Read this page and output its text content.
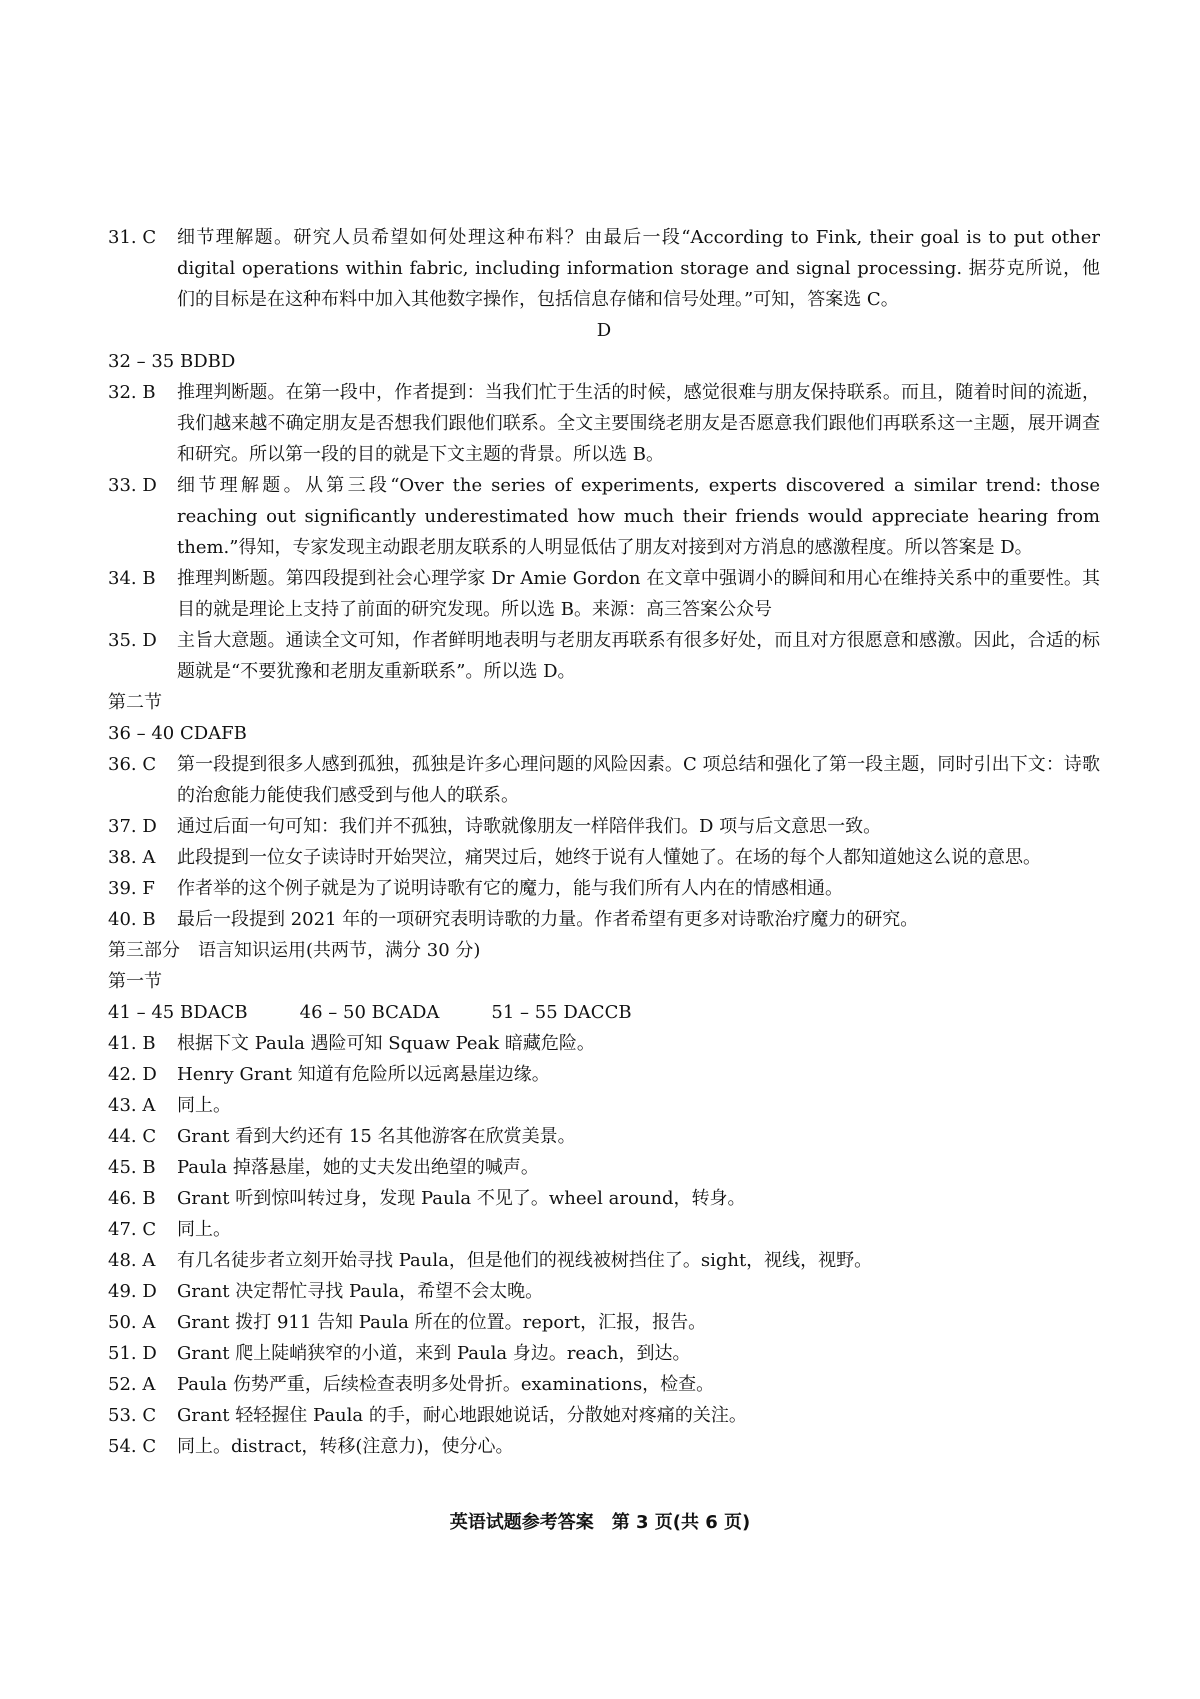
31. C	细节理解题。研究人员希望如何处理这种布料？由最后一段“According to Fink, their goal is to put other digital operations within fabric, including information storage and signal processing. 据芬克所说，他们的目标是在这种布料中加入其他数字操作，包括信息存储和信号处理。”可知，答案选 C。
D
32 – 35 BDBD
32. B	推理判断题。在第一段中，作者提到：当我们忙于生活的时候，感觉很难与朋友保持联系。而且，随着时间的流逝，我们越来越不确定朋友是否想我们跟他们联系。全文主要围绕老朋友是否愿意我们跟他们再联系这一主题，展开调查和研究。所以第一段的目的就是下文主题的背景。所以选 B。
33. D	细节理解题。从第三段“Over the series of experiments, experts discovered a similar trend: those reaching out significantly underestimated how much their friends would appreciate hearing from them.”得知，专家发现主动跟老朋友联系的人明显低估了朋友对接到对方消息的感激程度。所以答案是 D。
34. B	推理判断题。第四段提到社会心理学家 Dr Amie Gordon 在文章中强调小的瞬间和用心在维持关系中的重要性。其目的就是理论上支持了前面的研究发现。所以选 B。来源：高三答案公众号
35. D	主旨大意题。通读全文可知，作者鲜明地表明与老朋友再联系有很多好处，而且对方很愿意和感激。因此，合适的标题就是“不要犹豫和老朋友重新联系”。所以选 D。
第二节
36 – 40 CDAFB
36. C	第一段提到很多人感到孤独，孤独是许多心理问题的风险因素。C 项总结和强化了第一段主题，同时引出下文：诗歌的治愈能力能使我们感受到与他人的联系。
37. D	通过后面一句可知：我们并不孤独，诗歌就像朋友一样陪伴我们。D 项与后文意思一致。
38. A	此段提到一位女子读诗时开始哭泣，痛哭过后，她终于说有人懂她了。在场的每个人都知道她这么说的意思。
39. F	作者举的这个例子就是为了说明诗歌有它的魔力，能与我们所有人内在的情感相通。
40. B	最后一段提到 2021 年的一项研究表明诗歌的力量。作者希望有更多对诗歌治疗魔力的研究。
第三部分　语言知识运用(共两节，满分 30 分)
第一节
41 – 45 BDACB	46 – 50 BCADA	51 – 55 DACCB
41. B	根据下文 Paula 遇险可知 Squaw Peak 暗藏危险。
42. D	Henry Grant 知道有危险所以远离悬崖边缘。
43. A	同上。
44. C	Grant 看到大约还有 15 名其他游客在欣赏美景。
45. B	Paula 掉落悬崖，她的丈夫发出绝望的喊声。
46. B	Grant 听到惊叫转过身，发现 Paula 不见了。wheel around，转身。
47. C	同上。
48. A	有几名徒步者立刻开始寻找 Paula，但是他们的视线被树挡住了。sight，视线，视野。
49. D	Grant 决定帮忙寻找 Paula，希望不会太晚。
50. A	Grant 拨打 911 告知 Paula 所在的位置。report，汇报，报告。
51. D	Grant 爬上陡峭狭窄的小道，来到 Paula 身边。reach，到达。
52. A	Paula 伤势严重，后续检查表明多处骨折。examinations，检查。
53. C	Grant 轻轻握住 Paula 的手，耐心地跟她说话，分散她对疼痛的关注。
54. C	同上。distract，转移(注意力)，使分心。
英语试题参考答案　第 3 页(共 6 页)
